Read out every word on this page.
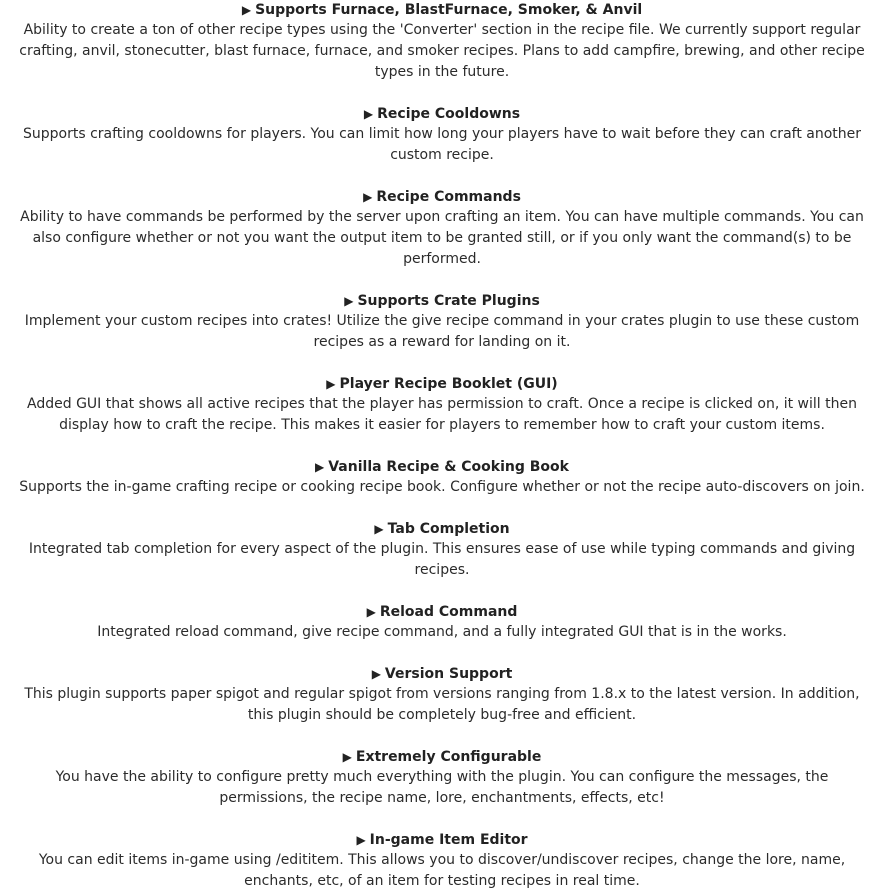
▶ Supports Furnace, BlastFurnace, Smoker, & Anvil

Ability to create a ton of other recipe types using the 'Converter' section in the recipe file. We currently support regular crafting, anvil, stonecutter, blast furnace, furnace, and smoker recipes. Plans to add campfire, brewing, and other recipe types in the future.

▶ Recipe Cooldowns

Supports crafting cooldowns for players. You can limit how long your players have to wait before they can craft another custom recipe.

▶ Recipe Commands

Ability to have commands be performed by the server upon crafting an item. You can have multiple commands. You can also configure whether or not you want the output item to be granted still, or if you only want the command(s) to be performed.

▶ Supports Crate Plugins

Implement your custom recipes into crates! Utilize the give recipe command in your crates plugin to use these custom recipes as a reward for landing on it.

▶ Player Recipe Booklet (GUI)

Added GUI that shows all active recipes that the player has permission to craft. Once a recipe is clicked on, it will then display how to craft the recipe. This makes it easier for players to remember how to craft your custom items.

▶ Vanilla Recipe & Cooking Book

Supports the in-game crafting recipe or cooking recipe book. Configure whether or not the recipe auto-discovers on join.

▶ Tab Completion

Integrated tab completion for every aspect of the plugin. This ensures ease of use while typing commands and giving recipes.

▶ Reload Command

Integrated reload command, give recipe command, and a fully integrated GUI that is in the works.

▶ Version Support

This plugin supports paper spigot and regular spigot from versions ranging from 1.8.x to the latest version. In addition, this plugin should be completely bug-free and efficient.

▶ Extremely Configurable

You have the ability to configure pretty much everything with the plugin. You can configure the messages, the permissions, the recipe name, lore, enchantments, effects, etc!

▶ In-game Item Editor

You can edit items in-game using /edititem. This allows you to discover/undiscover recipes, change the lore, name, enchants, etc, of an item for testing recipes in real time.
